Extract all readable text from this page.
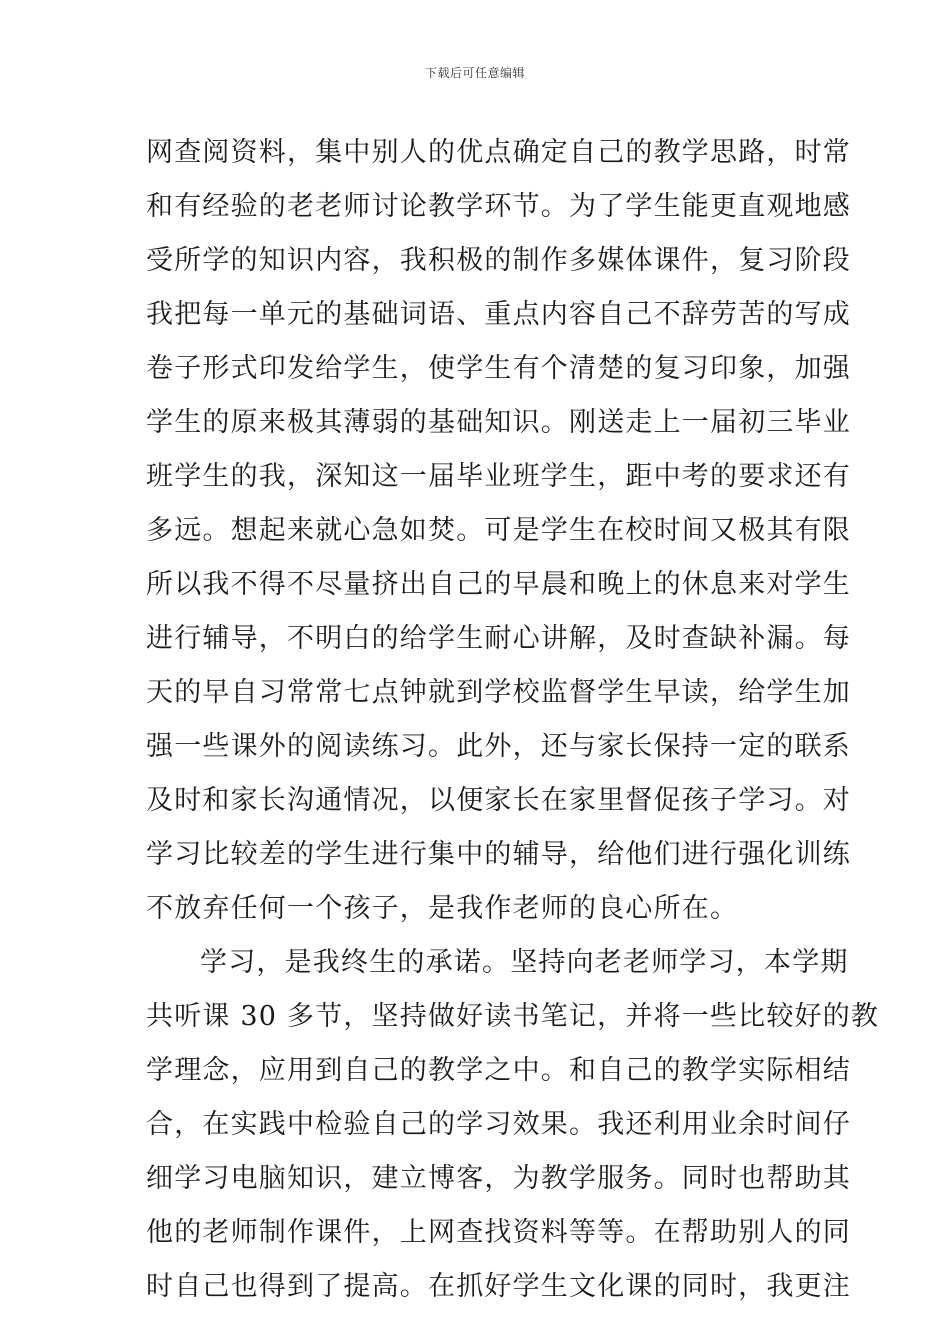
下载后可任意编辑
网查阅资料，集中别人的优点确定自己的教学思路，时常
和有经验的老老师讨论教学环节。为了学生能更直观地感
受所学的知识内容，我积极的制作多媒体课件，复习阶段
我把每一单元的基础词语、重点内容自己不辞劳苦的写成
卷子形式印发给学生，使学生有个清楚的复习印象，加强
学生的原来极其薄弱的基础知识。刚送走上一届初三毕业
班学生的我，深知这一届毕业班学生，距中考的要求还有
多远。想起来就心急如焚。可是学生在校时间又极其有限
所以我不得不尽量挤出自己的早晨和晚上的休息来对学生
进行辅导，不明白的给学生耐心讲解，及时查缺补漏。每
天的早自习常常七点钟就到学校监督学生早读，给学生加
强一些课外的阅读练习。此外，还与家长保持一定的联系
及时和家长沟通情况，以便家长在家里督促孩子学习。对
学习比较差的学生进行集中的辅导，给他们进行强化训练
不放弃任何一个孩子，是我作老师的良心所在。
学习，是我终生的承诺。坚持向老老师学习，本学期
共听课 30 多节，坚持做好读书笔记，并将一些比较好的教
学理念，应用到自己的教学之中。和自己的教学实际相结
合，在实践中检验自己的学习效果。我还利用业余时间仔
细学习电脑知识，建立博客，为教学服务。同时也帮助其
他的老师制作课件，上网查找资料等等。在帮助别人的同
时自己也得到了提高。在抓好学生文化课的同时，我更注
